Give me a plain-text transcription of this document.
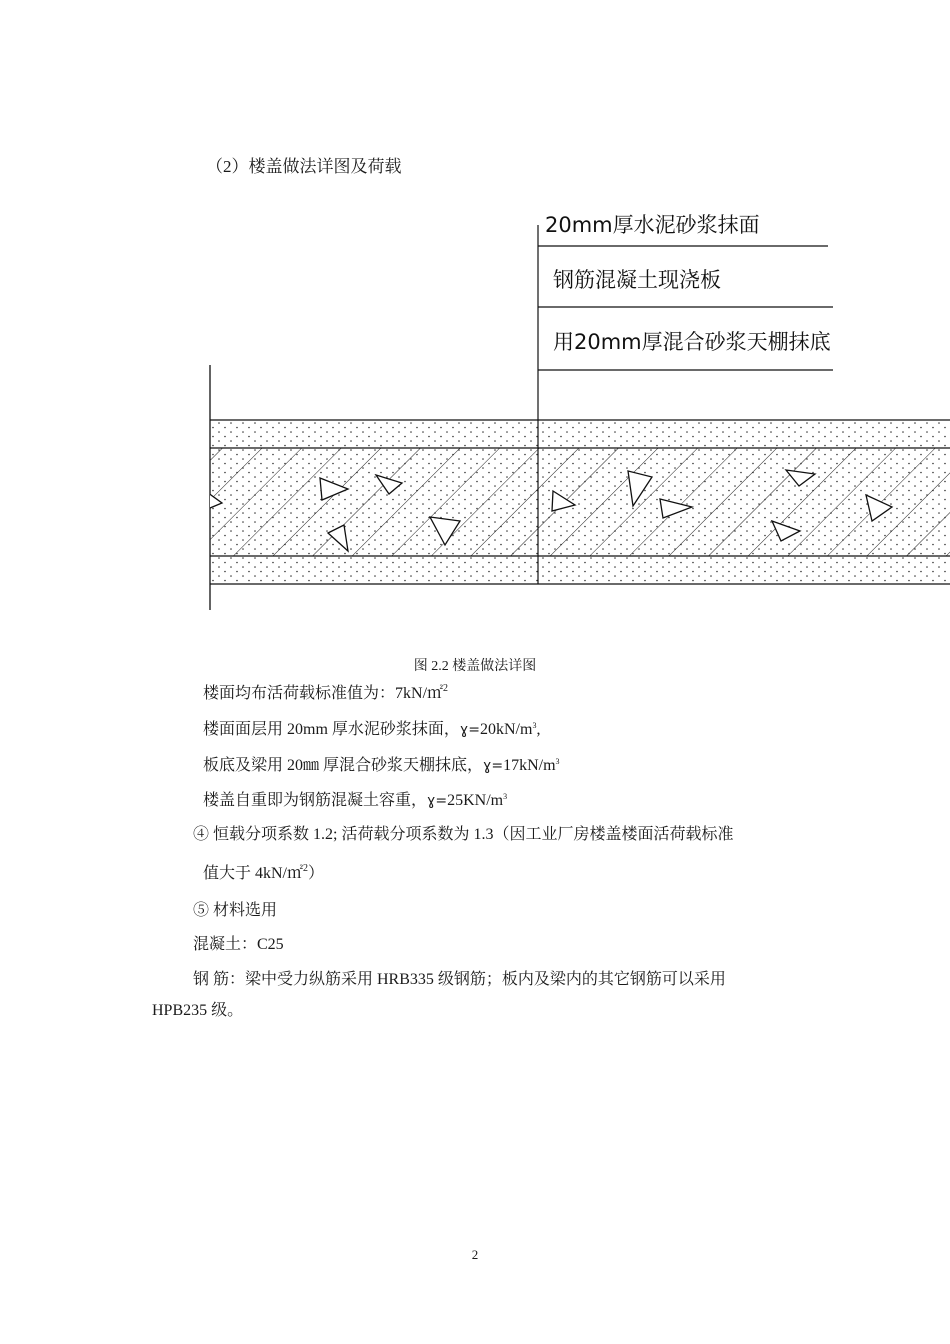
（2）楼盖做法详图及荷载
20mm厚水泥砂浆抹面
钢筋混凝土现浇板
用20mm厚混合砂浆天棚抹底
图 2.2 楼盖做法详图
楼面均布活荷载标准值为：7kN/㎡$^2$
楼面面层用 20mm 厚水泥砂浆抹面，$ɣ=20kN/m^3$,
板底及梁用 20㎜ 厚混合砂浆天棚抹底，$ɣ=17kN/m^3$
楼盖自重即为钢筋混凝土容重，$ɣ=25KN/m^3$
④ 恒载分项系数 1.2; 活荷载分项系数为 1.3（因工业厂房楼盖楼面活荷载标准
值大于 4kN/㎡$^2$）
⑤ 材料选用
混凝土：C25
钢 筋：梁中受力纵筋采用 HRB335 级钢筋；板内及梁内的其它钢筋可以采用
HPB235 级。
2
